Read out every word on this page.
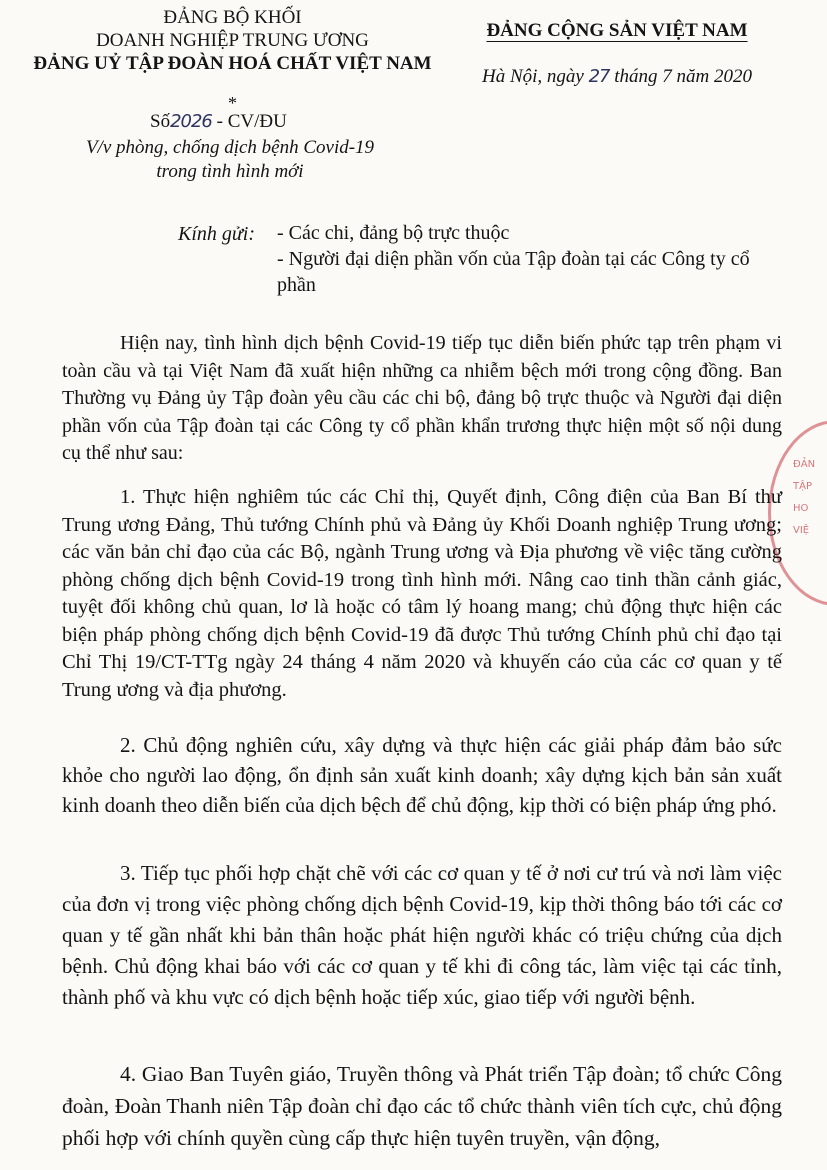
ĐẢNG BỘ KHỐI
DOANH NGHIỆP TRUNG ƯƠNG
ĐẢNG UỶ TẬP ĐOÀN HOÁ CHẤT VIỆT NAM
*
Số2026 - CV/ĐU
V/v phòng, chống dịch bệnh Covid-19
trong tình hình mới
ĐẢNG CỘNG SẢN VIỆT NAM
Hà Nội, ngày 27 tháng 7 năm 2020
Kính gửi: - Các chi, đảng bộ trực thuộc
- Người đại diện phần vốn của Tập đoàn tại các Công ty cổ phần
ĐẢN
TẬP
HO
VIỆ
Hiện nay, tình hình dịch bệnh Covid-19 tiếp tục diễn biến phức tạp trên phạm vi toàn cầu và tại Việt Nam đã xuất hiện những ca nhiễm bệch mới trong cộng đồng. Ban Thường vụ Đảng ủy Tập đoàn yêu cầu các chi bộ, đảng bộ trực thuộc và Người đại diện phần vốn của Tập đoàn tại các Công ty cổ phần khẩn trương thực hiện một số nội dung cụ thể như sau:
1. Thực hiện nghiêm túc các Chỉ thị, Quyết định, Công điện của Ban Bí thư Trung ương Đảng, Thủ tướng Chính phủ và Đảng ủy Khối Doanh nghiệp Trung ương; các văn bản chỉ đạo của các Bộ, ngành Trung ương và Địa phương về việc tăng cường phòng chống dịch bệnh Covid-19 trong tình hình mới. Nâng cao tinh thần cảnh giác, tuyệt đối không chủ quan, lơ là hoặc có tâm lý hoang mang; chủ động thực hiện các biện pháp phòng chống dịch bệnh Covid-19 đã được Thủ tướng Chính phủ chỉ đạo tại Chỉ Thị 19/CT-TTg ngày 24 tháng 4 năm 2020 và khuyến cáo của các cơ quan y tế Trung ương và địa phương.
2. Chủ động nghiên cứu, xây dựng và thực hiện các giải pháp đảm bảo sức khỏe cho người lao động, ổn định sản xuất kinh doanh; xây dựng kịch bản sản xuất kinh doanh theo diễn biến của dịch bệch để chủ động, kịp thời có biện pháp ứng phó.
3. Tiếp tục phối hợp chặt chẽ với các cơ quan y tế ở nơi cư trú và nơi làm việc của đơn vị trong việc phòng chống dịch bệnh Covid-19, kịp thời thông báo tới các cơ quan y tế gần nhất khi bản thân hoặc phát hiện người khác có triệu chứng của dịch bệnh. Chủ động khai báo với các cơ quan y tế khi đi công tác, làm việc tại các tỉnh, thành phố và khu vực có dịch bệnh hoặc tiếp xúc, giao tiếp với người bệnh.
4. Giao Ban Tuyên giáo, Truyền thông và Phát triển Tập đoàn; tổ chức Công đoàn, Đoàn Thanh niên Tập đoàn chỉ đạo các tổ chức thành viên tích cực, chủ động phối hợp với chính quyền cùng cấp thực hiện tuyên truyền, vận động,
